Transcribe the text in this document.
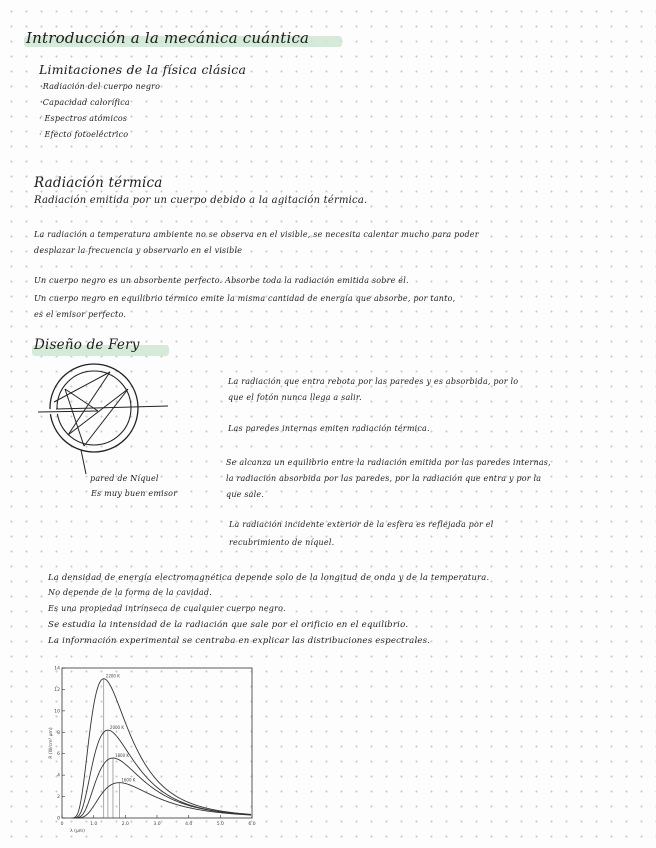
Introducción a la mecánica cuántica
Limitaciones de la física clásica
·Radiación del cuerpo negro
·Capacidad calorífica
· Espectros atómicos
· Efecto fotoeléctrico
Radiación térmica
Radiación emitida por un cuerpo debido a la agitación térmica.
La radiación a temperatura ambiente no se observa en el visible, se necesita calentar mucho para poder
desplazar la frecuencia y observarlo en el visible
Un cuerpo negro es un absorbente perfecto. Absorbe toda la radiación emitida sobre él.
Un cuerpo negro en equilibrio térmico emite la misma cantidad de energía que absorbe, por tanto,
es el emisor perfecto.
Diseño de Fery
pared de Níquel
Es muy buen emisor
La radiación que entra rebota por las paredes y es absorbida, por lo
que el fotón nunca llega a salir.
Las paredes internas emiten radiación térmica.
Se alcanza un equilibrio entre la radiación emitida por las paredes internas,
la radiación absorbida por las paredes, por la radiación que entra y por la
que sale.
La radiación incidente exterior de la esfera es reflejada por el
recubrimiento de níquel.
La densidad de energía electromagnética depende solo de la longitud de onda y de la temperatura.
No depende de la forma de la cavidad.
Es una propiedad intrínseca de cualquier cuerpo negro.
Se estudia la intensidad de la radiación que sale por el orificio en el equilibrio.
La información experimental se centraba en explicar las distribuciones espectrales.
0	1.0	2.0	3.0	4.0	5.0	6.0
0
2
4
6
8
10
12
14
λ (μm)
R (W/cm² μm)
2200 K
2000 K
1800 K
1600 K
